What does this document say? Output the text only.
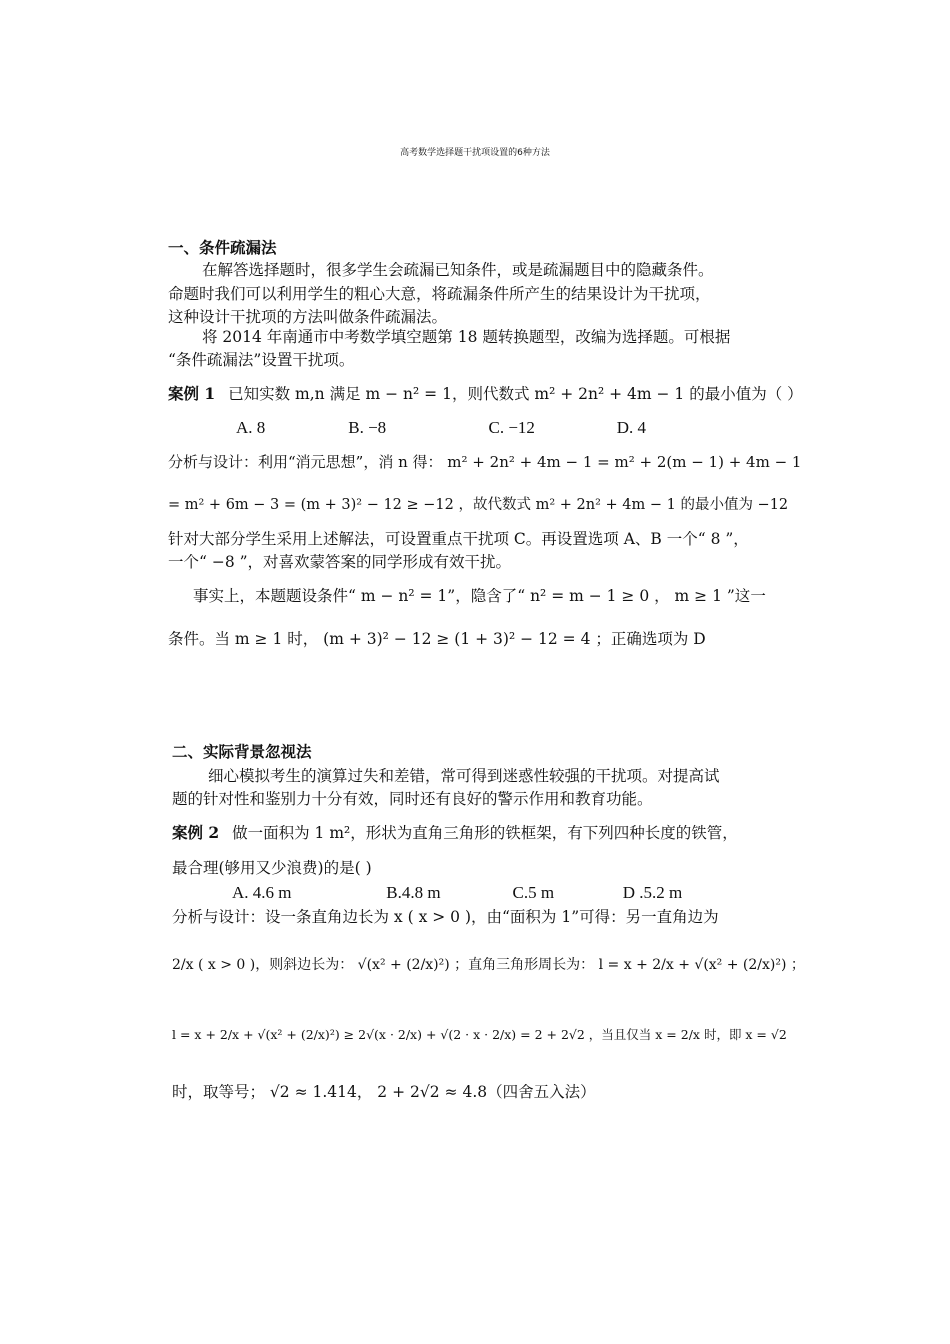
高考数学选择题干扰项设置的6种方法
一、条件疏漏法
在解答选择题时，很多学生会疏漏已知条件，或是疏漏题目中的隐藏条件。
命题时我们可以利用学生的粗心大意，将疏漏条件所产生的结果设计为干扰项，
这种设计干扰项的方法叫做条件疏漏法。
将 2014 年南通市中考数学填空题第 18 题转换题型，改编为选择题。可根据
“条件疏漏法”设置干扰项。
案例 1 已知实数 m,n 满足 m − n² = 1，则代数式 m² + 2n² + 4m − 1 的最小值为（ ）
A. 8	B. −8	C. −12	D. 4
分析与设计：利用“消元思想”，消 n 得： m² + 2n² + 4m − 1 = m² + 2(m − 1) + 4m − 1
= m² + 6m − 3 = (m + 3)² − 12 ≥ −12 ，故代数式 m² + 2n² + 4m − 1 的最小值为 −12
针对大部分学生采用上述解法，可设置重点干扰项 C。再设置选项 A、B 一个“ 8 ”，
一个“ −8 ”，对喜欢蒙答案的同学形成有效干扰。
事实上，本题题设条件“ m − n² = 1”，隐含了“ n² = m − 1 ≥ 0 ， m ≥ 1 ”这一
条件。当 m ≥ 1 时， (m + 3)² − 12 ≥ (1 + 3)² − 12 = 4 ；正确选项为 D
二、实际背景忽视法
细心模拟考生的演算过失和差错，常可得到迷惑性较强的干扰项。对提高试
题的针对性和鉴别力十分有效，同时还有良好的警示作用和教育功能。
案例 2 做一面积为 1 m²，形状为直角三角形的铁框架，有下列四种长度的铁管，
最合理(够用又少浪费)的是( )
A. 4.6 m	B.4.8 m	C.5 m	D .5.2 m
分析与设计：设一条直角边长为 x ( x > 0 )，由“面积为 1”可得：另一直角边为
2/x ( x > 0 )，则斜边长为： √(x² + (2/x)²) ；直角三角形周长为： l = x + 2/x + √(x² + (2/x)²) ；
l = x + 2/x + √(x² + (2/x)²) ≥ 2√(x · 2/x) + √(2 · x · 2/x) = 2 + 2√2 ，当且仅当 x = 2/x 时，即 x = √2
时，取等号； √2 ≈ 1.414， 2 + 2√2 ≈ 4.8（四舍五入法）
